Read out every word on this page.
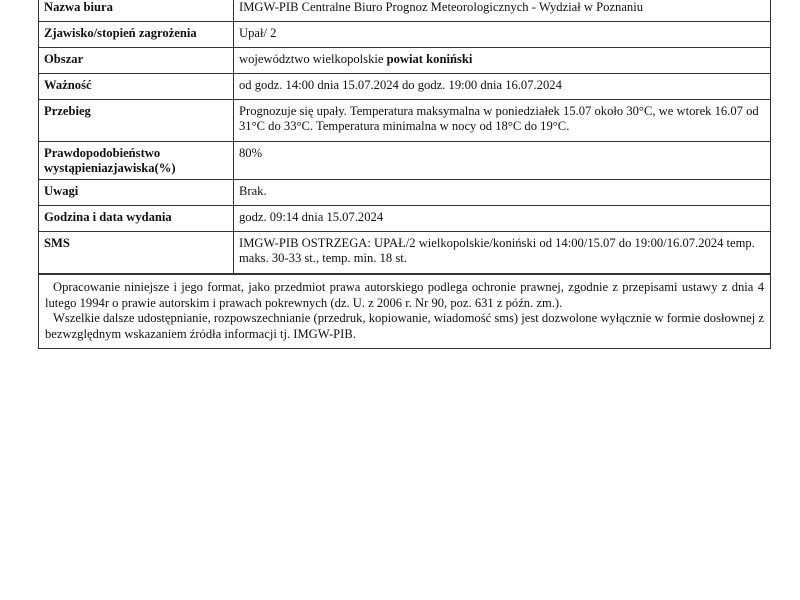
Nazwa biura	IMGW-PIB Centralne Biuro Prognoz Meteorologicznych - Wydział w Poznaniu
Zjawisko/stopień zagrożenia	Upał/ 2
Obszar	województwo wielkopolskie powiat koniński
Ważność	od godz. 14:00 dnia 15.07.2024 do godz. 19:00 dnia 16.07.2024
Przebieg	Prognozuje się upały. Temperatura maksymalna w poniedziałek 15.07 około 30°C, we wtorek 16.07 od 31°C do 33°C. Temperatura minimalna w nocy od 18°C do 19°C.
Prawdopodobieństwo wystąpieniazjawiska(%)	80%
Uwagi	Brak.
Godzina i data wydania	godz. 09:14 dnia 15.07.2024
SMS	IMGW-PIB OSTRZEGA: UPAŁ/2 wielkopolskie/koniński od 14:00/15.07 do 19:00/16.07.2024 temp. maks. 30-33 st., temp. min. 18 st.

Opracowanie niniejsze i jego format, jako przedmiot prawa autorskiego podlega ochronie prawnej, zgodnie z przepisami ustawy z dnia 4 lutego 1994r o prawie autorskim i prawach pokrewnych (dz. U. z 2006 r. Nr 90, poz. 631 z późn. zm.).

Wszelkie dalsze udostępnianie, rozpowszechnianie (przedruk, kopiowanie, wiadomość sms) jest dozwolone wyłącznie w formie dosłownej z bezwzględnym wskazaniem źródła informacji tj. IMGW-PIB.
